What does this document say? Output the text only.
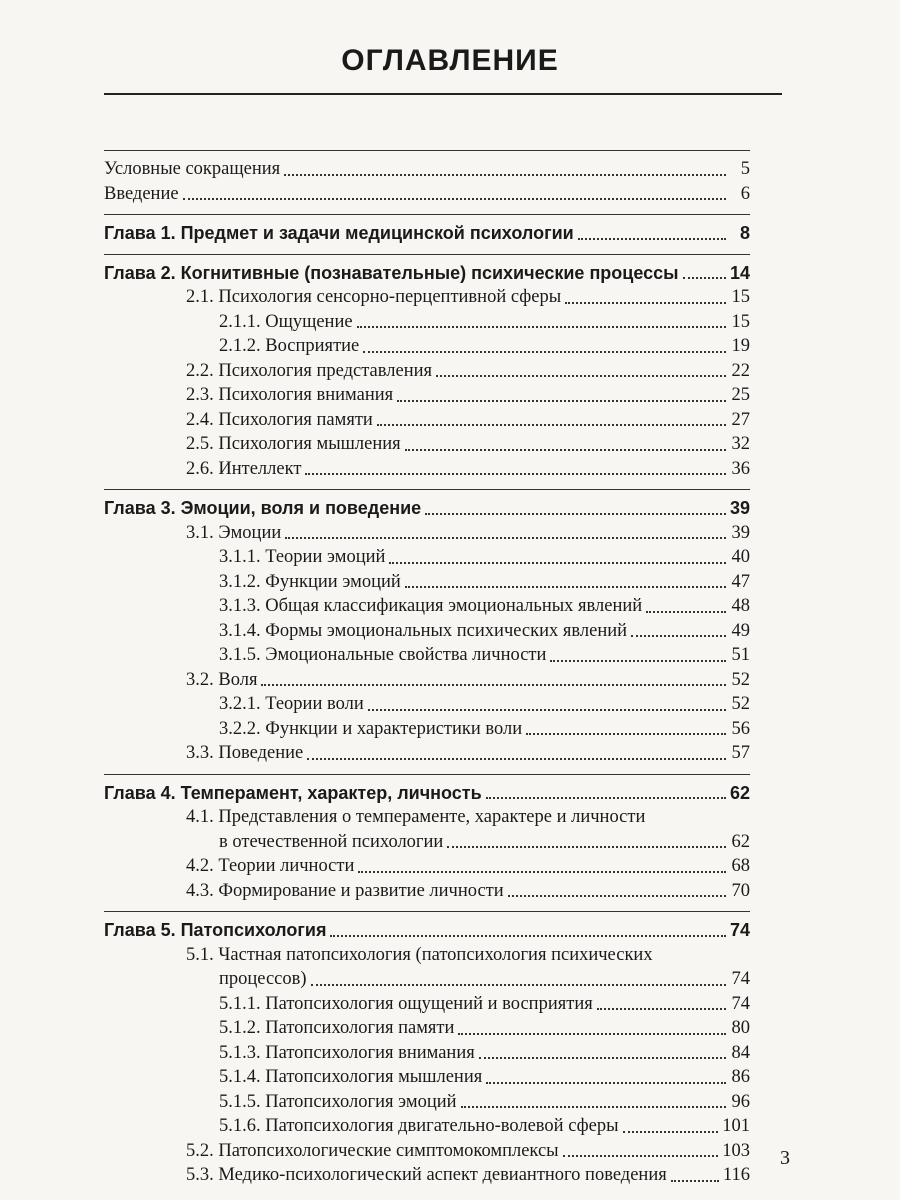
ОГЛАВЛЕНИЕ
Условные сокращения	5
Введение	6
Глава 1. Предмет и задачи медицинской психологии	8
Глава 2. Когнитивные (познавательные) психические процессы	14
2.1. Психология сенсорно-перцептивной сферы	15
2.1.1. Ощущение	15
2.1.2. Восприятие	19
2.2. Психология представления	22
2.3. Психология внимания	25
2.4. Психология памяти	27
2.5. Психология мышления	32
2.6. Интеллект	36
Глава 3. Эмоции, воля и поведение	39
3.1. Эмоции	39
3.1.1. Теории эмоций	40
3.1.2. Функции эмоций	47
3.1.3. Общая классификация эмоциональных явлений	48
3.1.4. Формы эмоциональных психических явлений	49
3.1.5. Эмоциональные свойства личности	51
3.2. Воля	52
3.2.1. Теории воли	52
3.2.2. Функции и характеристики воли	56
3.3. Поведение	57
Глава 4. Темперамент, характер, личность	62
4.1. Представления о темпераменте, характере и личности
в отечественной психологии	62
4.2. Теории личности	68
4.3. Формирование и развитие личности	70
Глава 5. Патопсихология	74
5.1. Частная патопсихология (патопсихология психических
процессов)	74
5.1.1. Патопсихология ощущений и восприятия	74
5.1.2. Патопсихология памяти	80
5.1.3. Патопсихология внимания	84
5.1.4. Патопсихология мышления	86
5.1.5. Патопсихология эмоций	96
5.1.6. Патопсихология двигательно-волевой сферы	101
5.2. Патопсихологические симптомокомплексы	103
5.3. Медико-психологический аспект девиантного поведения	116
3
